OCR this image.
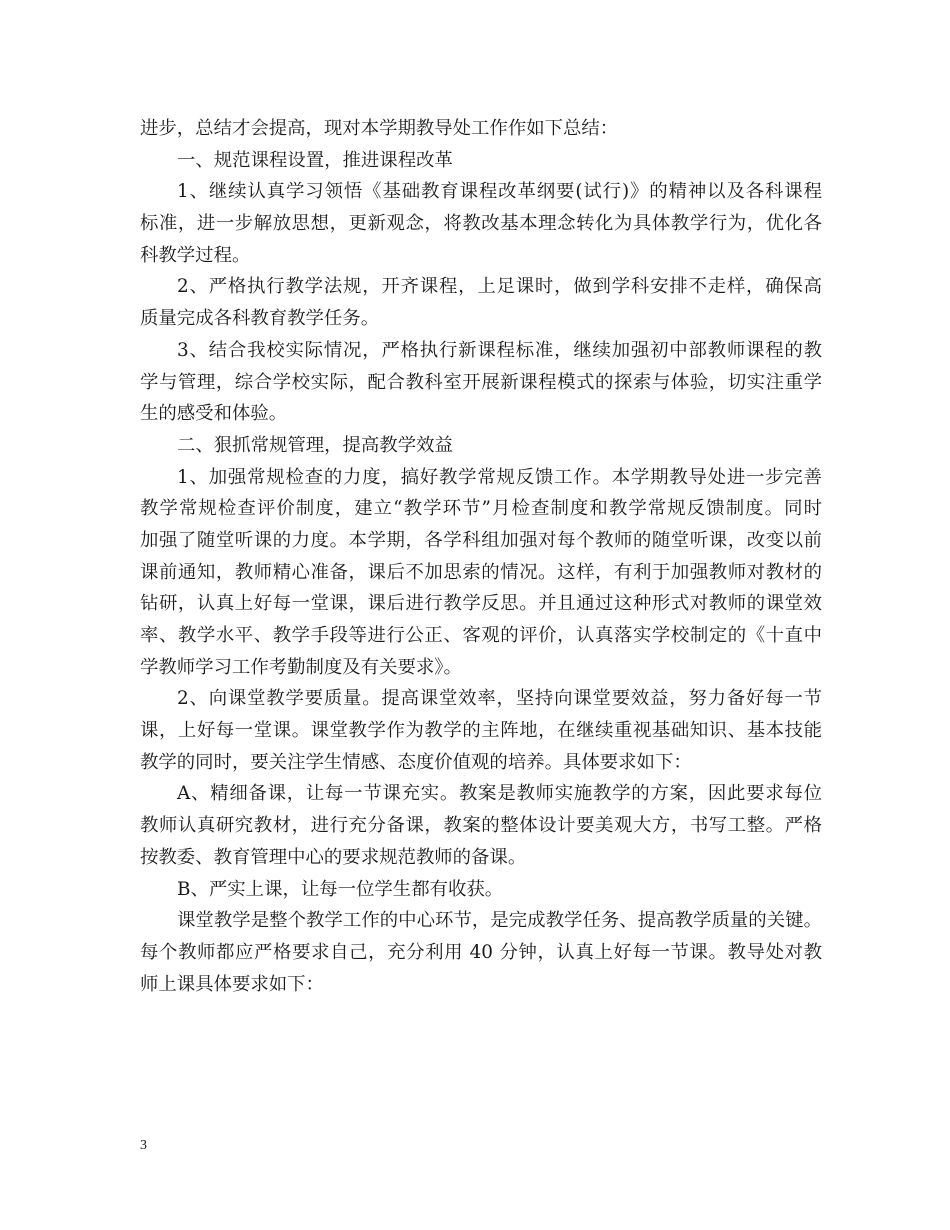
进步，总结才会提高，现对本学期教导处工作作如下总结：
一、规范课程设置，推进课程改革
1、继续认真学习领悟《基础教育课程改革纲要(试行)》的精神以及各科课程
标准，进一步解放思想，更新观念，将教改基本理念转化为具体教学行为，优化各
科教学过程。
2、严格执行教学法规，开齐课程，上足课时，做到学科安排不走样，确保高
质量完成各科教育教学任务。
3、结合我校实际情况，严格执行新课程标准，继续加强初中部教师课程的教
学与管理，综合学校实际，配合教科室开展新课程模式的探索与体验，切实注重学
生的感受和体验。
二、狠抓常规管理，提高教学效益
1、加强常规检查的力度，搞好教学常规反馈工作。本学期教导处进一步完善
教学常规检查评价制度，建立“教学环节”月检查制度和教学常规反馈制度。同时
加强了随堂听课的力度。本学期，各学科组加强对每个教师的随堂听课，改变以前
课前通知，教师精心准备，课后不加思索的情况。这样，有利于加强教师对教材的
钻研，认真上好每一堂课，课后进行教学反思。并且通过这种形式对教师的课堂效
率、教学水平、教学手段等进行公正、客观的评价，认真落实学校制定的《十直中
学教师学习工作考勤制度及有关要求》。
2、向课堂教学要质量。提高课堂效率，坚持向课堂要效益，努力备好每一节
课，上好每一堂课。课堂教学作为教学的主阵地，在继续重视基础知识、基本技能
教学的同时，要关注学生情感、态度价值观的培养。具体要求如下：
A、精细备课，让每一节课充实。教案是教师实施教学的方案，因此要求每位
教师认真研究教材，进行充分备课，教案的整体设计要美观大方，书写工整。严格
按教委、教育管理中心的要求规范教师的备课。
B、严实上课，让每一位学生都有收获。
课堂教学是整个教学工作的中心环节，是完成教学任务、提高教学质量的关键。
每个教师都应严格要求自己，充分利用 40 分钟，认真上好每一节课。教导处对教
师上课具体要求如下：
3
